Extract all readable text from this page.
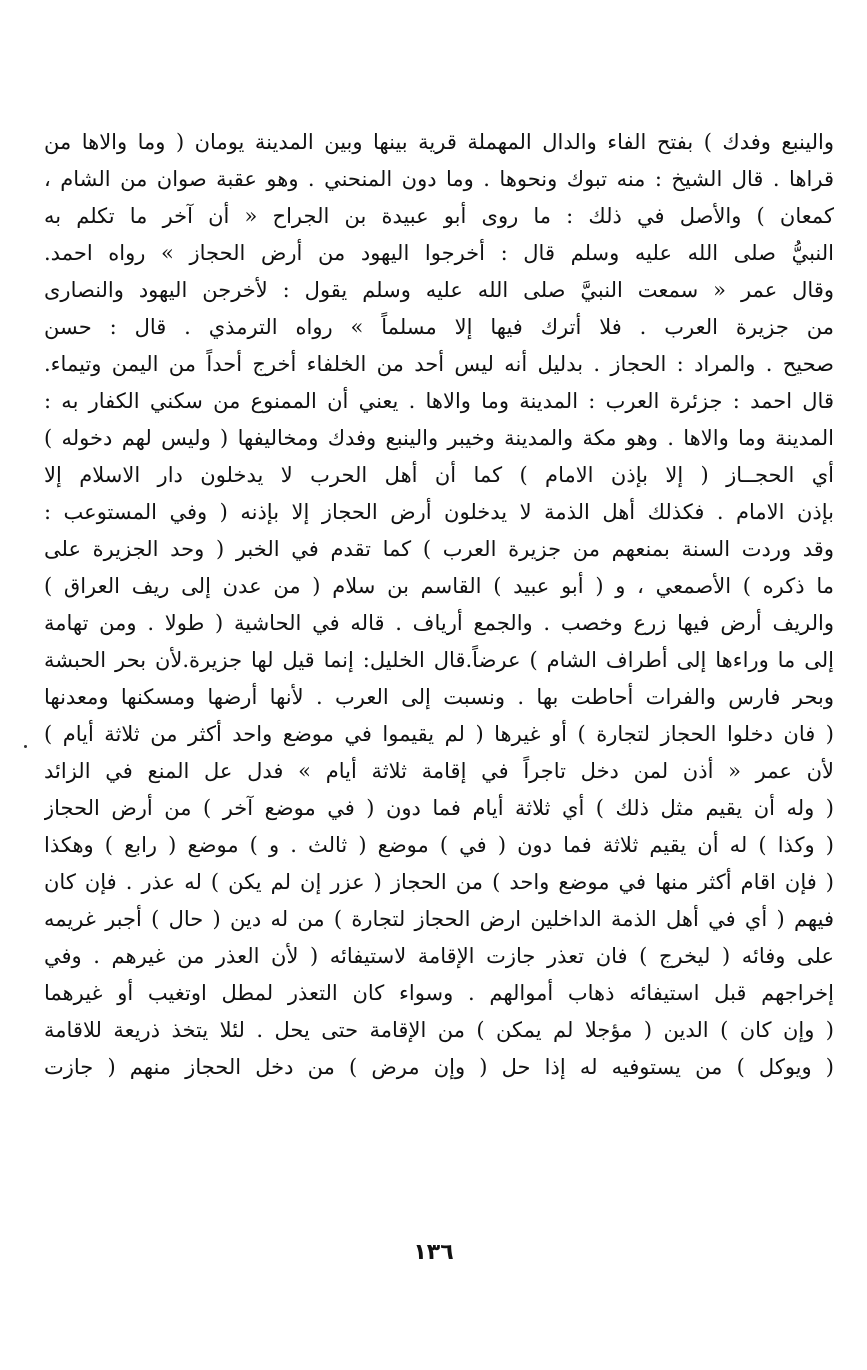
والينبع وفدك ) بفتح الفاء والدال المهملة قرية بينها وبين المدينة يومان ( وما والاها من
قراها . قال الشيخ : منه تبوك ونحوها . وما دون المنحني . وهو عقبة صوان من الشام ،
كمعان ) والأصل في ذلك : ما روى أبو عبيدة بن الجراح « أن آخر ما تكلم به
النبيُّ صلى الله عليه وسلم قال : أخرجوا اليهود من أرض الحجاز » رواه احمد.
وقال عمر « سمعت النبيَّ صلى الله عليه وسلم يقول : لأخرجن اليهود والنصارى
من جزيرة العرب . فلا أترك فيها إلا مسلماً » رواه الترمذي . قال : حسن
صحيح . والمراد : الحجاز . بدليل أنه ليس أحد من الخلفاء أخرج أحداً من اليمن وتيماء.
قال احمد : جزئرة العرب : المدينة وما والاها . يعني أن الممنوع من سكني الكفار به :
المدينة وما والاها . وهو مكة والمدينة وخيبر والينبع وفدك ومخاليفها ( وليس لهم دخوله )
أي الحجــاز ( إلا بإذن الامام ) كما أن أهل الحرب لا يدخلون دار الاسلام إلا
بإذن الامام . فكذلك أهل الذمة لا يدخلون أرض الحجاز إلا بإذنه ( وفي المستوعب :
وقد وردت السنة بمنعهم من جزيرة العرب ) كما تقدم في الخبر ( وحد الجزيرة على
ما ذكره ) الأصمعي ، و ( أبو عبيد ) القاسم بن سلام ( من عدن إلى ريف العراق )
والريف أرض فيها زرع وخصب . والجمع أرياف . قاله في الحاشية ( طولا . ومن تهامة
إلى ما وراءها إلى أطراف الشام ) عرضاً.قال الخليل: إنما قيل لها جزيرة.لأن بحر الحبشة
وبحر فارس والفرات أحاطت بها . ونسبت إلى العرب . لأنها أرضها ومسكنها ومعدنها
( فان دخلوا الحجاز لتجارة ) أو غيرها ( لم يقيموا في موضع واحد أكثر من ثلاثة أيام )
لأن عمر « أذن لمن دخل تاجراً في إقامة ثلاثة أيام » فدل عل المنع في الزائد
( وله أن يقيم مثل ذلك ) أي ثلاثة أيام فما دون ( في موضع آخر ) من أرض الحجاز
( وكذا ) له أن يقيم ثلاثة فما دون ( في ) موضع ( ثالث . و ) موضع ( رابع ) وهكذا
( فإن اقام أكثر منها في موضع واحد ) من الحجاز ( عزر إن لم يكن ) له عذر . فإن كان
فيهم ( أي في أهل الذمة الداخلين ارض الحجاز لتجارة ) من له دين ( حال ) أجبر غريمه
على وفائه ( ليخرج ) فان تعذر جازت الإقامة لاستيفائه ( لأن العذر من غيرهم . وفي
إخراجهم قبل استيفائه ذهاب أموالهم . وسواء كان التعذر لمطل اوتغيب أو غيرهما
( وإن كان ) الدين ( مؤجلا لم يمكن ) من الإقامة حتى يحل . لئلا يتخذ ذريعة للاقامة
( ويوكل ) من يستوفيه له إذا حل ( وإن مرض ) من دخل الحجاز منهم ( جازت
١٣٦
